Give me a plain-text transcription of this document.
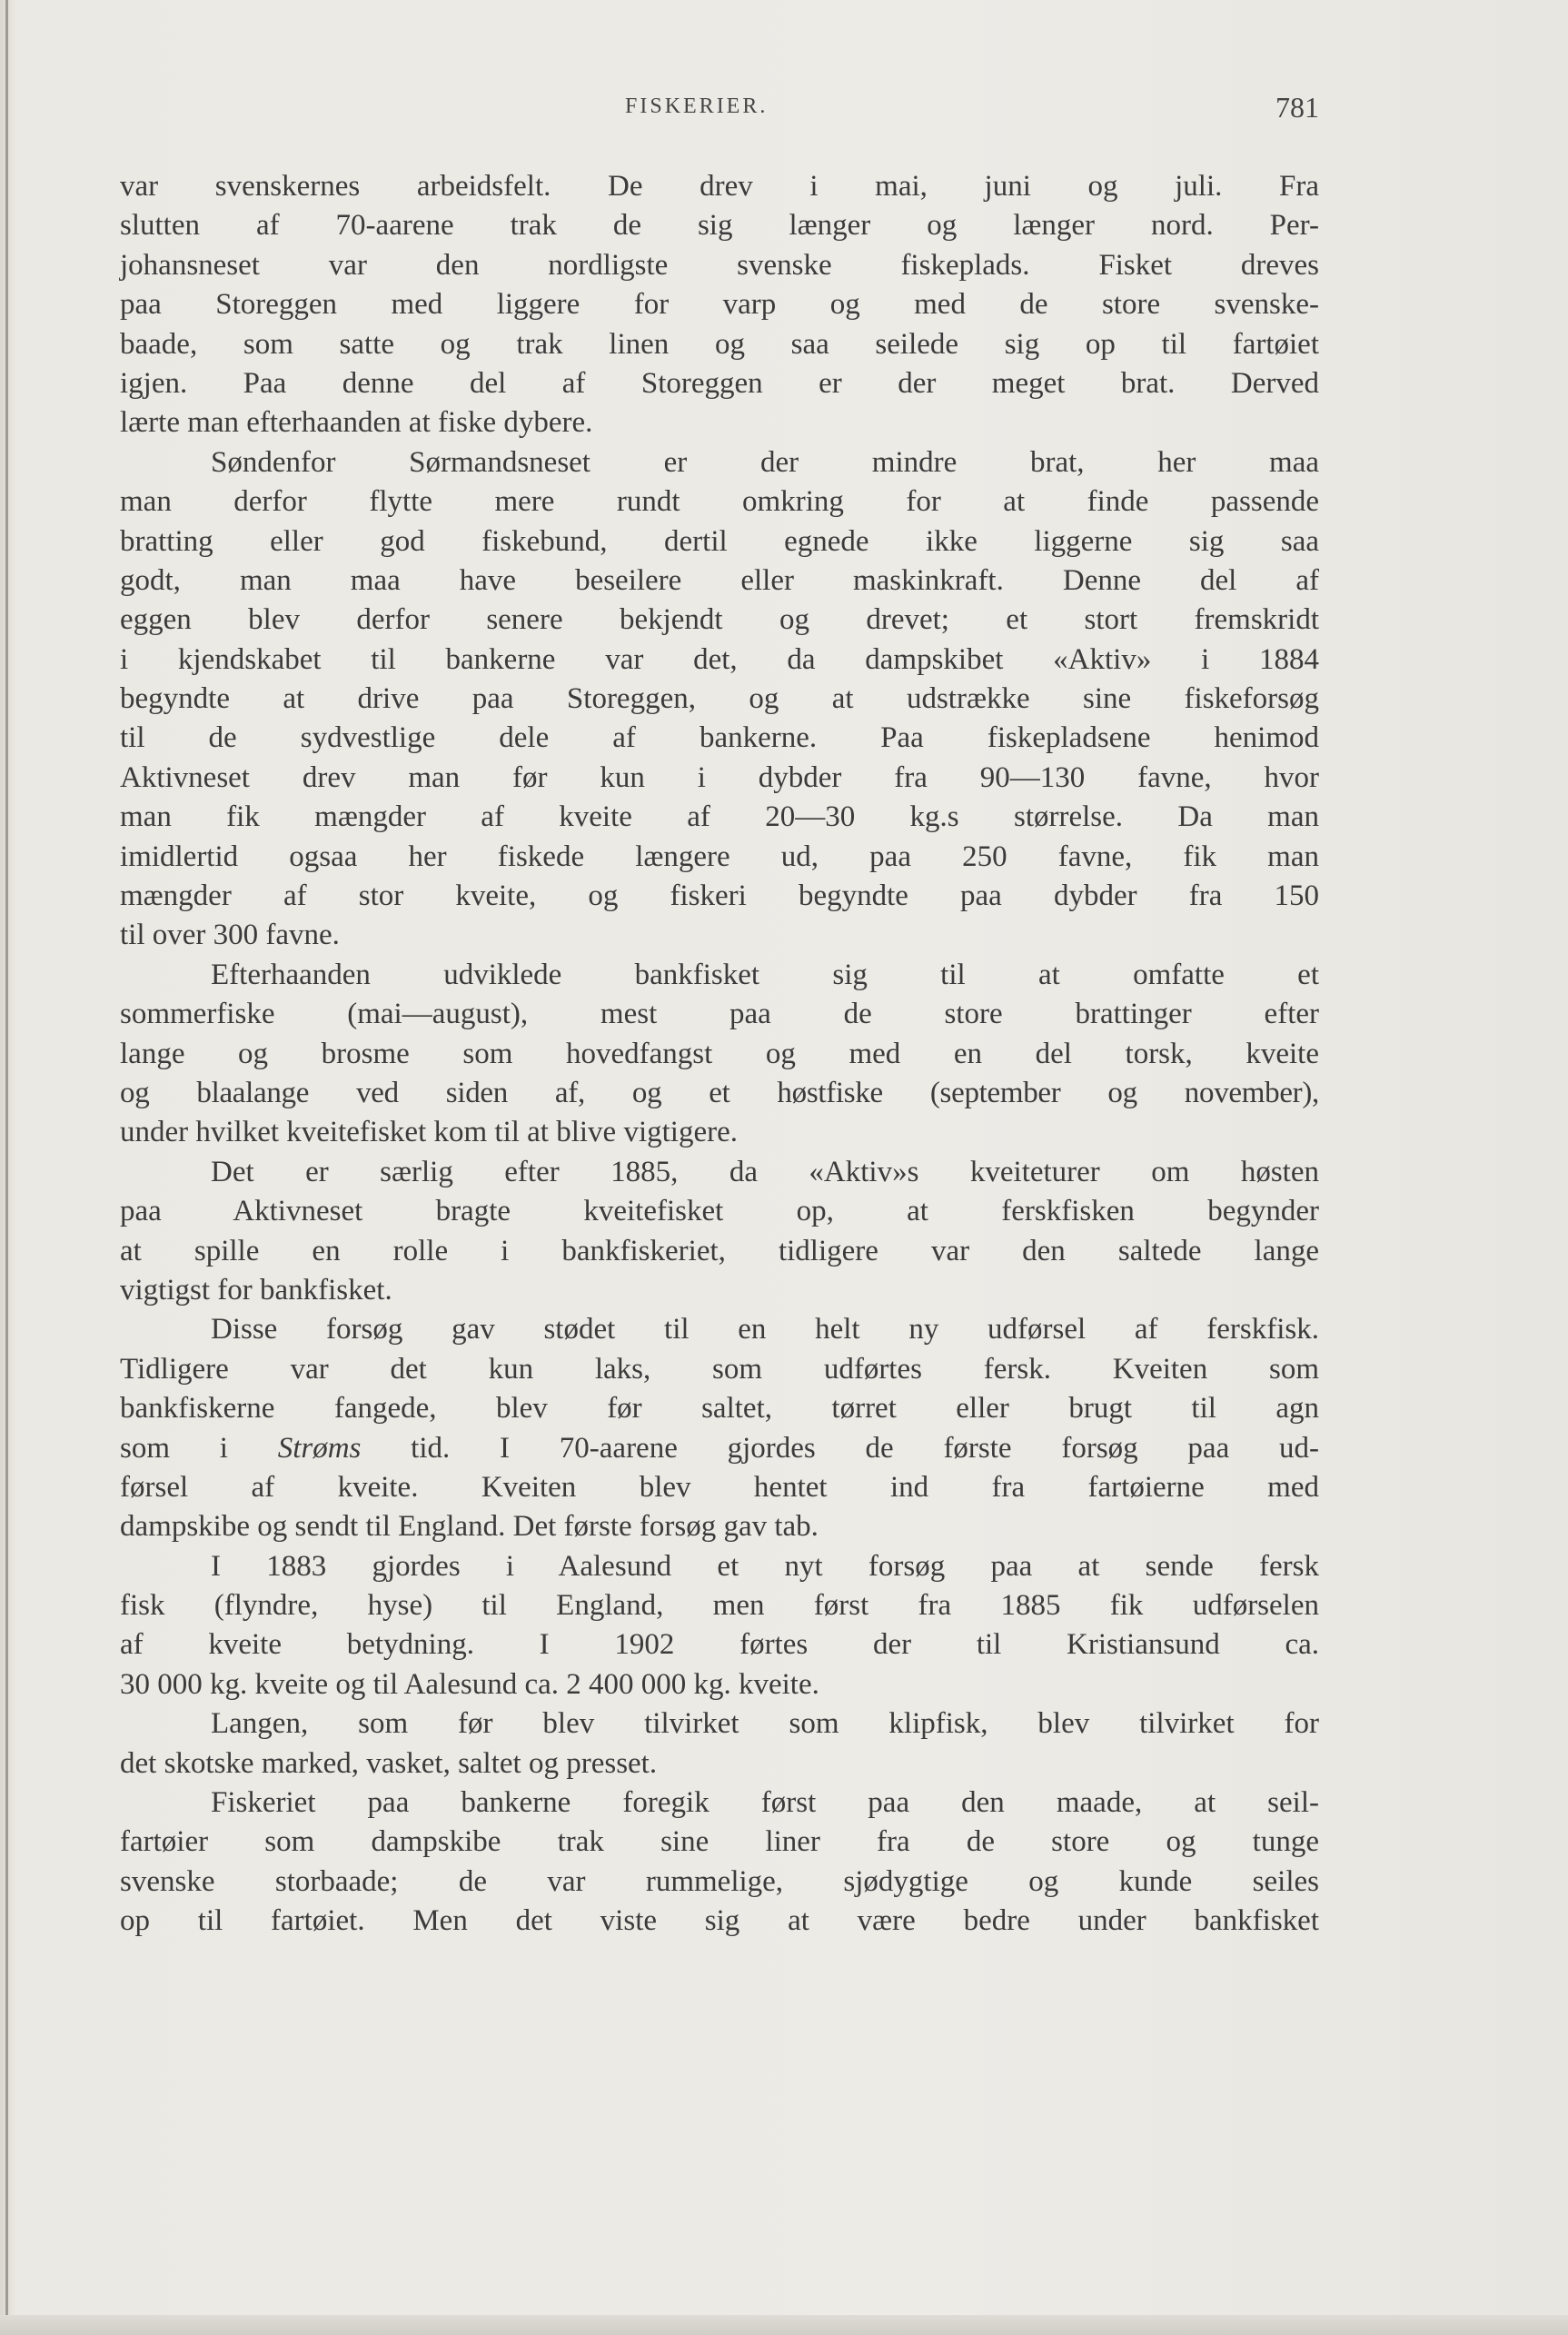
FISKERIER.	781
var svenskernes arbeidsfelt. De drev i mai, juni og juli. Fra
slutten af 70-aarene trak de sig længer og længer nord. Per-
johansneset var den nordligste svenske fiskeplads. Fisket dreves
paa Storeggen med liggere for varp og med de store svenske-
baade, som satte og trak linen og saa seilede sig op til fartøiet
igjen. Paa denne del af Storeggen er der meget brat. Derved
lærte man efterhaanden at fiske dybere.
Søndenfor Sørmandsneset er der mindre brat, her maa
man derfor flytte mere rundt omkring for at finde passende
bratting eller god fiskebund, dertil egnede ikke liggerne sig saa
godt, man maa have beseilere eller maskinkraft. Denne del af
eggen blev derfor senere bekjendt og drevet; et stort fremskridt
i kjendskabet til bankerne var det, da dampskibet «Aktiv» i 1884
begyndte at drive paa Storeggen, og at udstrække sine fiskeforsøg
til de sydvestlige dele af bankerne. Paa fiskepladsene henimod
Aktivneset drev man før kun i dybder fra 90—130 favne, hvor
man fik mængder af kveite af 20—30 kg.s størrelse. Da man
imidlertid ogsaa her fiskede længere ud, paa 250 favne, fik man
mængder af stor kveite, og fiskeri begyndte paa dybder fra 150
til over 300 favne.
Efterhaanden udviklede bankfisket sig til at omfatte et
sommerfiske (mai—august), mest paa de store brattinger efter
lange og brosme som hovedfangst og med en del torsk, kveite
og blaalange ved siden af, og et høstfiske (september og november),
under hvilket kveitefisket kom til at blive vigtigere.
Det er særlig efter 1885, da «Aktiv»s kveiteturer om høsten
paa Aktivneset bragte kveitefisket op, at ferskfisken begynder
at spille en rolle i bankfiskeriet, tidligere var den saltede lange
vigtigst for bankfisket.
Disse forsøg gav stødet til en helt ny udførsel af ferskfisk.
Tidligere var det kun laks, som udførtes fersk. Kveiten som
bankfiskerne fangede, blev før saltet, tørret eller brugt til agn
som i Strøms tid. I 70-aarene gjordes de første forsøg paa ud-
førsel af kveite. Kveiten blev hentet ind fra fartøierne med
dampskibe og sendt til England. Det første forsøg gav tab.
I 1883 gjordes i Aalesund et nyt forsøg paa at sende fersk
fisk (flyndre, hyse) til England, men først fra 1885 fik udførselen
af kveite betydning. I 1902 førtes der til Kristiansund ca.
30 000 kg. kveite og til Aalesund ca. 2 400 000 kg. kveite.
Langen, som før blev tilvirket som klipfisk, blev tilvirket for
det skotske marked, vasket, saltet og presset.
Fiskeriet paa bankerne foregik først paa den maade, at seil-
fartøier som dampskibe trak sine liner fra de store og tunge
svenske storbaade; de var rummelige, sjødygtige og kunde seiles
op til fartøiet. Men det viste sig at være bedre under bankfisket
